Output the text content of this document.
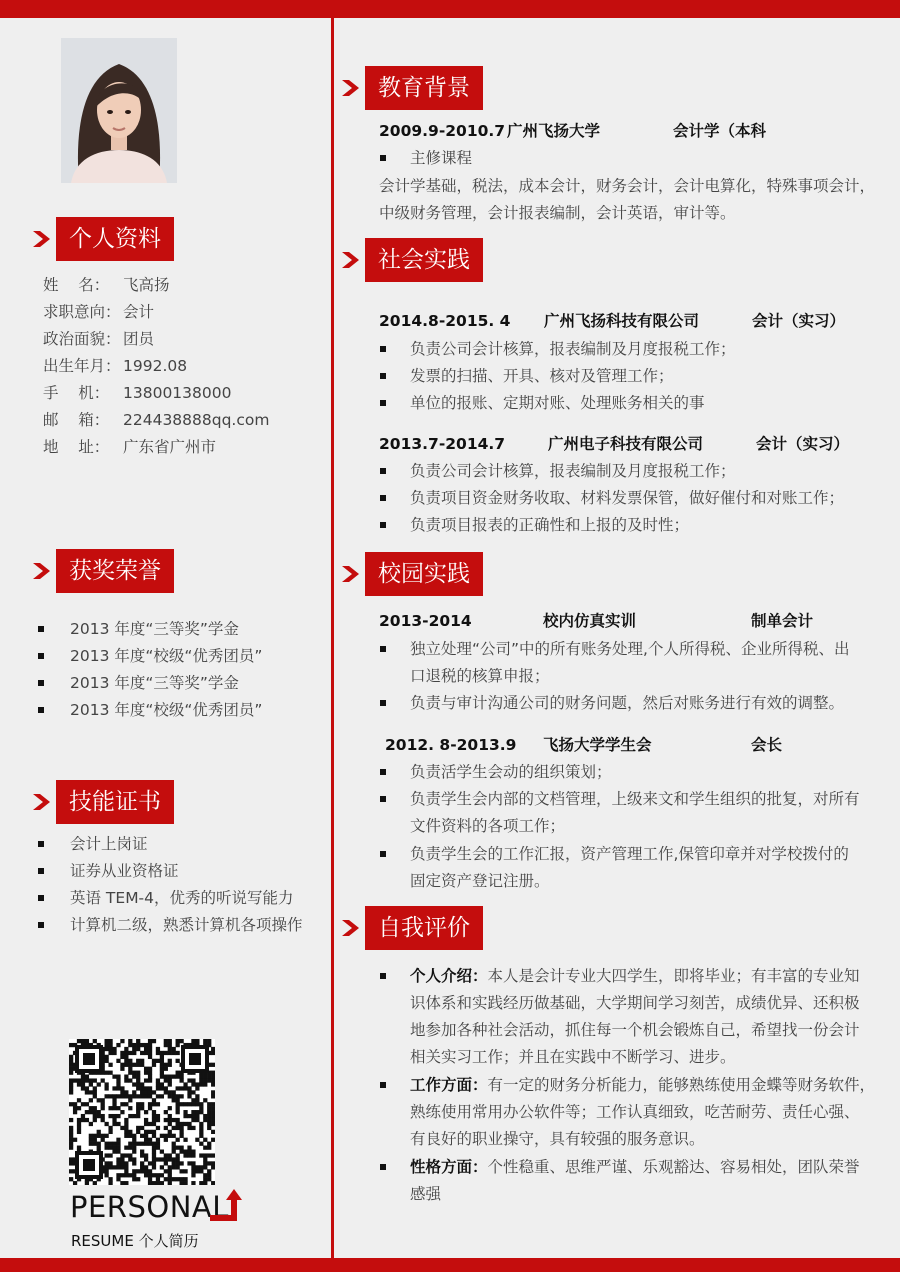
个人资料
姓    名： 飞高扬
求职意向： 会计
政治面貌： 团员
出生年月： 1992.08
手    机： 13800138000
邮    箱： 224438888qq.com
地    址： 广东省广州市
获奖荣誉
2013 年度“三等奖”学金
2013 年度“校级“优秀团员”
2013 年度“三等奖”学金
2013 年度“校级“优秀团员”
技能证书
会计上岗证
证券从业资格证
英语 TEM-4，优秀的听说写能力
计算机二级，熟悉计算机各项操作
PERSONAL
RESUME 个人简历
教育背景
2009.9-2010.7 广州飞扬大学	会计学（本科
主修课程
会计学基础，税法，成本会计，财务会计，会计电算化，特殊事项会计，
中级财务管理，会计报表编制，会计英语，审计等。
社会实践
2014.8-2015. 4 广州飞扬科技有限公司	会计（实习）
负责公司会计核算，报表编制及月度报税工作；
发票的扫描、开具、核对及管理工作；
单位的报账、定期对账、处理账务相关的事
2013.7-2014.7	广州电子科技有限公司	会计（实习）
负责公司会计核算，报表编制及月度报税工作；
负责项目资金财务收取、材料发票保管，做好催付和对账工作；
负责项目报表的正确性和上报的及时性；
校园实践
2013-2014	校内仿真实训	制单会计
独立处理“公司”中的所有账务处理,个人所得税、企业所得税、出
口退税的核算申报；
负责与审计沟通公司的财务问题，然后对账务进行有效的调整。
2012. 8-2013.9 飞扬大学学生会	会长
负责活学生会动的组织策划；
负责学生会内部的文档管理，上级来文和学生组织的批复，对所有
文件资料的各项工作；
负责学生会的工作汇报，资产管理工作,保管印章并对学校拨付的
固定资产登记注册。
自我评价
个人介绍：本人是会计专业大四学生，即将毕业；有丰富的专业知
识体系和实践经历做基础，大学期间学习刻苦，成绩优异、还积极
地参加各种社会活动，抓住每一个机会锻炼自己，希望找一份会计
相关实习工作；并且在实践中不断学习、进步。
工作方面：有一定的财务分析能力，能够熟练使用金蝶等财务软件，
熟练使用常用办公软件等；工作认真细致，吃苦耐劳、责任心强、
有良好的职业操守，具有较强的服务意识。
性格方面：个性稳重、思维严谨、乐观豁达、容易相处，团队荣誉
感强
